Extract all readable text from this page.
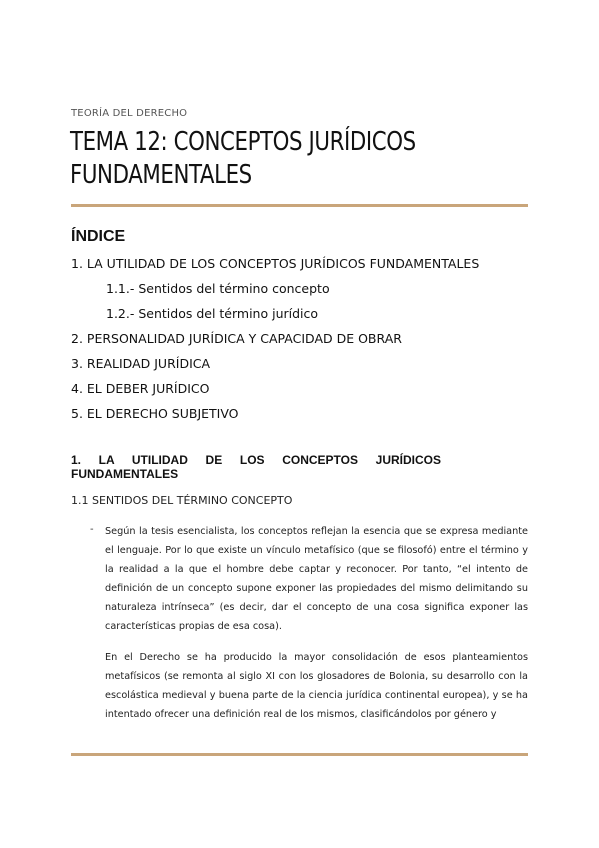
TEORÍA DEL DERECHO
TEMA 12: CONCEPTOS JURÍDICOS
FUNDAMENTALES
ÍNDICE
1. LA UTILIDAD DE LOS CONCEPTOS JURÍDICOS FUNDAMENTALES
1.1.- Sentidos del término concepto
1.2.- Sentidos del término jurídico
2. PERSONALIDAD JURÍDICA Y CAPACIDAD DE OBRAR
3. REALIDAD JURÍDICA
4. EL DEBER JURÍDICO
5. EL DERECHO SUBJETIVO
1. LA UTILIDAD DE LOS CONCEPTOS JURÍDICOS FUNDAMENTALES
1.1 SENTIDOS DEL TÉRMINO CONCEPTO
- Según la tesis esencialista, los conceptos reflejan la esencia que se expresa mediante el lenguaje. Por lo que existe un vínculo metafísico (que se filosofó) entre el término y la realidad a la que el hombre debe captar y reconocer. Por tanto, “el intento de definición de un concepto supone exponer las propiedades del mismo delimitando su naturaleza intrínseca” (es decir, dar el concepto de una cosa significa exponer las características propias de esa cosa).

En el Derecho se ha producido la mayor consolidación de esos planteamientos metafísicos (se remonta al siglo XI con los glosadores de Bolonia, su desarrollo con la escolástica medieval y buena parte de la ciencia jurídica continental europea), y se ha intentado ofrecer una definición real de los mismos, clasificándolos por género y
